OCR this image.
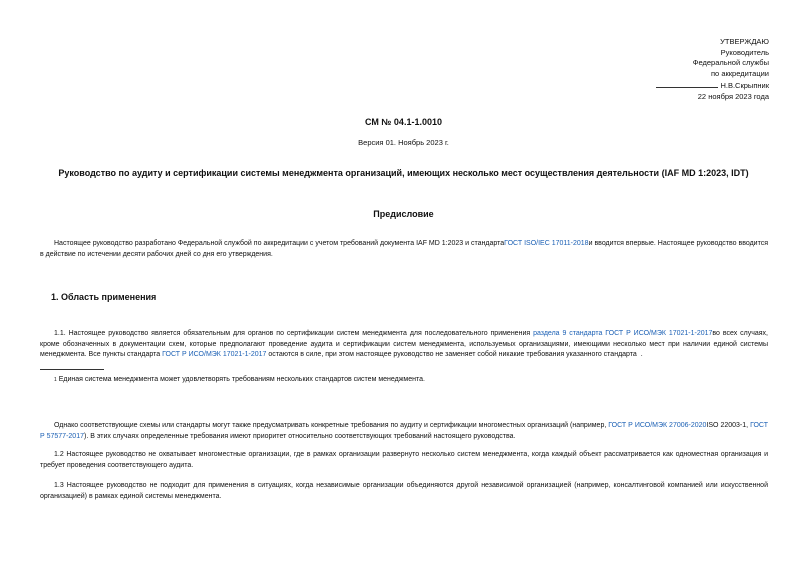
УТВЕРЖДАЮ
Руководитель
Федеральной службы
по аккредитации
Н.В.Скрыпник
22 ноября 2023 года
СМ № 04.1-1.0010
Версия 01. Ноябрь 2023 г.
Руководство по аудиту и сертификации системы менеджмента организаций, имеющих несколько мест осуществления деятельности (IAF MD 1:2023, IDT)
Предисловие
Настоящее руководство разработано Федеральной службой по аккредитации с учетом требований документа IAF MD 1:2023 и стандартаГОСТ ISO/IEC 17011-2018и вводится впервые. Настоящее руководство вводится в действие по истечении десяти рабочих дней со дня его утверждения.
1. Область применения
1.1. Настоящее руководство является обязательным для органов по сертификации систем менеджмента для последовательного применения раздела 9 стандарта ГОСТ Р ИСО/МЭК 17021-1-2017во всех случаях, кроме обозначенных в документации схем, которые предполагают проведение аудита и сертификации систем менеджмента, используемых организациями, имеющими несколько мест при наличии единой системы менеджмента. Все пункты стандарта ГОСТ Р ИСО/МЭК 17021-1-2017 остаются в силе, при этом настоящее руководство не заменяет собой никакие требования указанного стандарта .
$^1$ Единая система менеджмента может удовлетворять требованиям нескольких стандартов систем менеджмента.
Однако соответствующие схемы или стандарты могут также предусматривать конкретные требования по аудиту и сертификации многоместных организаций (например, ГОСТ Р ИСО/МЭК 27006-2020ISO 22003-1, ГОСТ Р 57577-2017). В этих случаях определенные требования имеют приоритет относительно соответствующих требований настоящего руководства.
1.2 Настоящее руководство не охватывает многоместные организации, где в рамках организации развернуто несколько систем менеджмента, когда каждый объект рассматривается как одноместная организация и требует проведения соответствующего аудита.
1.3 Настоящее руководство не подходит для применения в ситуациях, когда независимые организации объединяются другой независимой организацией (например, консалтинговой компанией или искусственной организацией) в рамках единой системы менеджмента.
